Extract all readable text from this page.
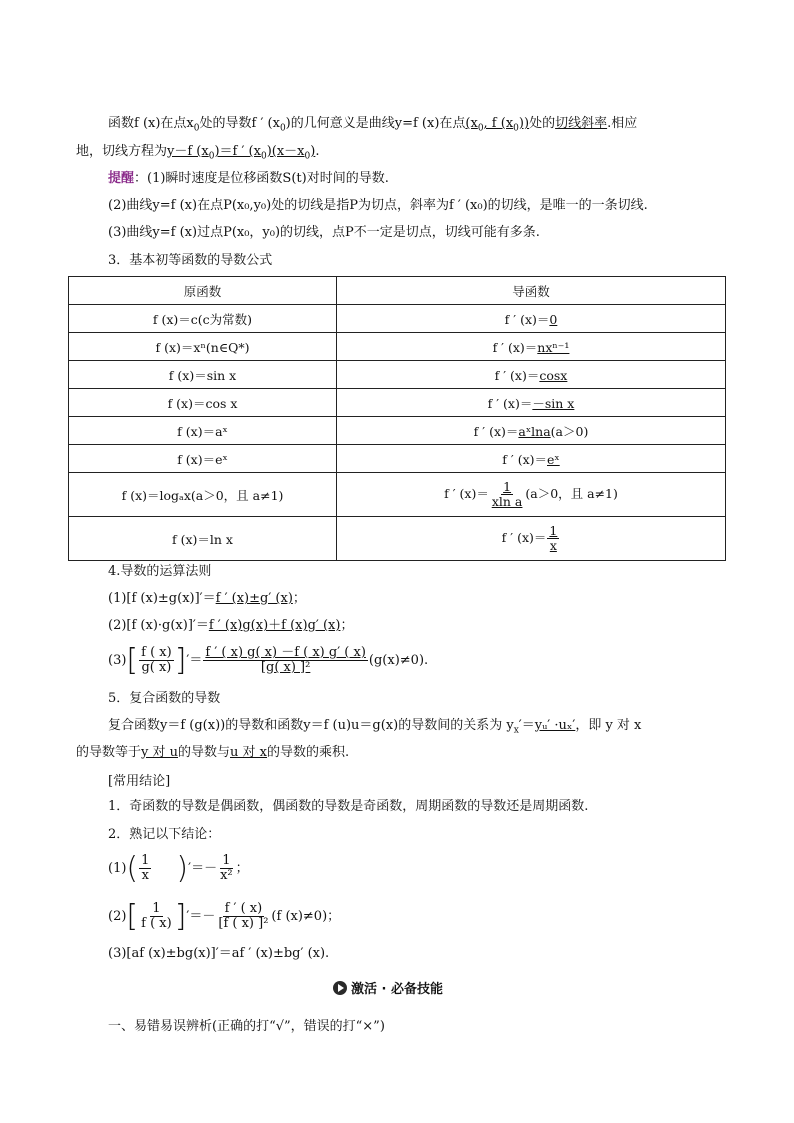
函数f (x)在点$x_0$处的导数f ′ $(x_0)$的几何意义是曲线y=f (x)在点($x_0$, f $(x_0)$)处的切线斜率.相应
地，切线方程为y－f $(x_0)=f$ ′ $(x_0)(x-x_0)$.
提醒：(1)瞬时速度是位移函数S(t)对时间的导数.
(2)曲线y=f (x)在点P(x₀,y₀)处的切线是指P为切点，斜率为f ′ (x₀)的切线，是唯一的一条切线.
(3)曲线y=f (x)过点P(x₀，y₀)的切线，点P不一定是切点，切线可能有多条.
3．基本初等函数的导数公式
原函数	导函数
f (x)＝c(c为常数)	f ′ (x)＝0
f (x)＝xⁿ(n∈Q*)	f ′ (x)＝nxⁿ⁻¹
f (x)＝sin x	f ′ (x)＝cosx
f (x)＝cos x	f ′ (x)＝－sin x
f (x)＝aˣ	f ′ (x)＝aˣlna(a＞0)
f (x)＝eˣ	f ′ (x)＝eˣ
f (x)＝logₐx(a＞0，且 a≠1)	f ′ $(x)= \frac{1}{\text{xln a}} (a>0$，且 a≠1)
f (x)＝ln x	f ′ $(x)= \frac{1}{x}$
4.导数的运算法则
(1)[f (x)±g(x)]′＝f ′ (x)±g′ (x)；
(2)[f (x)·g(x)]′＝f ′ (x)g(x)＋f (x)g′ (x)；
$(3)[ \frac{f ( x)}{g( x)}$ ]′＝ $\frac{f ' ( x) g( x) -f ( x) g' ( x)}{\text{[g( x) ]²}} (g(x)\ne 0)$.
5．复合函数的导数
复合函数y＝f (g(x))的导数和函数y＝f (u)u＝g(x)的导数间的关系为 $y_x'=yᵤ' \cdot u_x'$，即 y 对 x
的导数等于y 对 u的导数与u 对 x的导数的乘积.
[常用结论]
1．奇函数的导数是偶函数，偶函数的导数是奇函数，周期函数的导数还是周期函数.
2．熟记以下结论：
$(1)( \frac{1}{x}$ )′＝－ $\frac{1}{\text{x²}}$ ；
$(2)[ \frac{1}{f ( x)}$ ]′＝－ $\frac{f ' ( x)}{\text{[f ( x) ]²}} (f$ (x)≠0)；
(3)[af (x)±bg(x)]′＝af ′ (x)±bg′ (x).
激活 · 必备技能
一、易错易误辨析(正确的打“√”，错误的打“×”)
